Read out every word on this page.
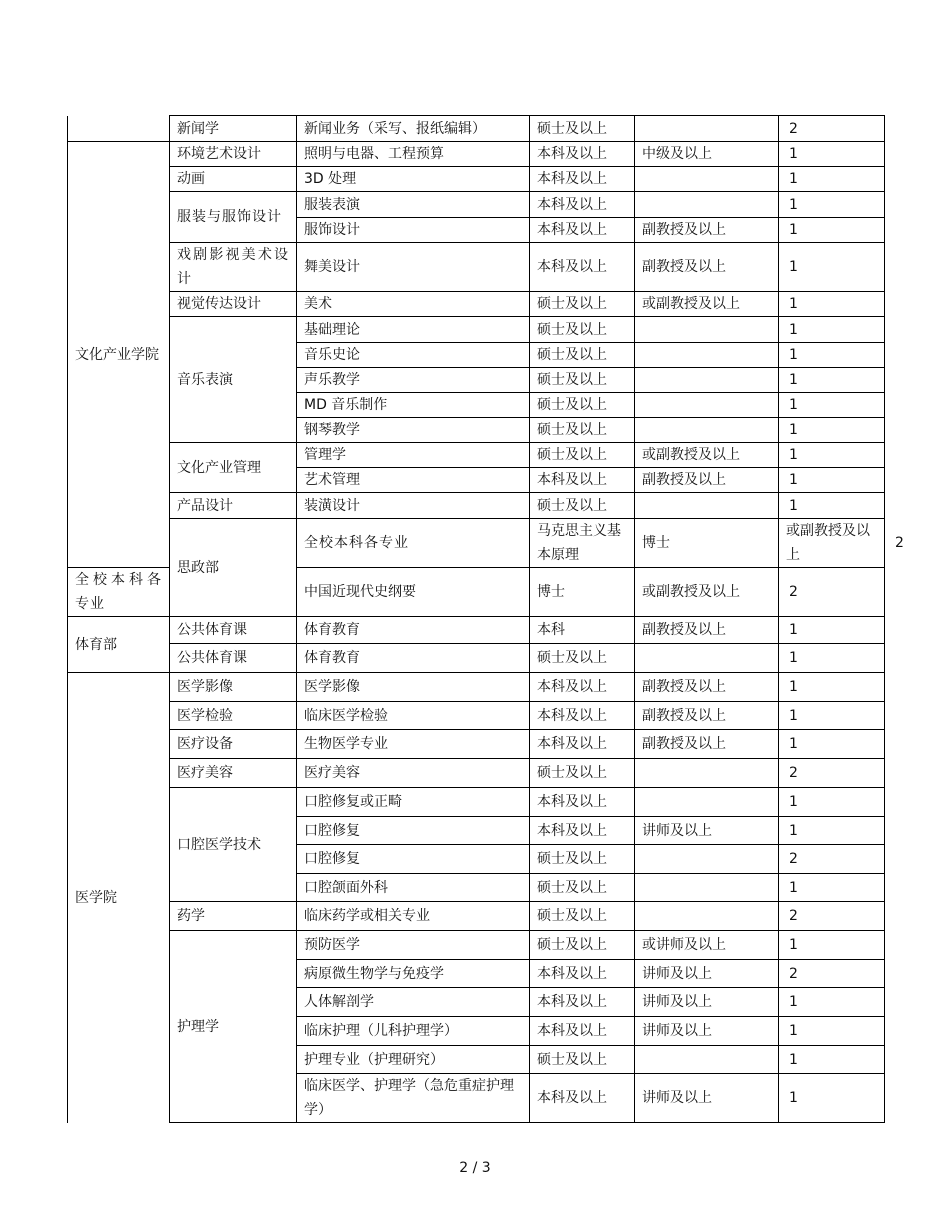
	新闻学	新闻业务（采写、报纸编辑）	硕士及以上		2	
文化产业学院	环境艺术设计	照明与电器、工程预算	本科及以上	中级及以上	1	
	动画	3D 处理	本科及以上		1	
	服装与服饰设计	服装表演	本科及以上		1	
		服饰设计	本科及以上	副教授及以上	1	
	戏剧影视美术设计	舞美设计	本科及以上	副教授及以上	1	
	视觉传达设计	美术	硕士及以上	或副教授及以上	1	
	音乐表演	基础理论	硕士及以上		1	
		音乐史论	硕士及以上		1	
		声乐教学	硕士及以上		1	
		MD 音乐制作	硕士及以上		1	
		钢琴教学	硕士及以上		1	
	文化产业管理	管理学	硕士及以上	或副教授及以上	1	
		艺术管理	本科及以上	副教授及以上	1	
	产品设计	装潢设计	硕士及以上		1	
	思政部	全校本科各专业	马克思主义基本原理	博士	或副教授及以上	2
全校本科各专业		中国近现代史纲要	博士	或副教授及以上	2	
体育部	公共体育课	体育教育	本科	副教授及以上	1	
	公共体育课	体育教育	硕士及以上		1	
医学院	医学影像	医学影像	本科及以上	副教授及以上	1	
	医学检验	临床医学检验	本科及以上	副教授及以上	1	
	医疗设备	生物医学专业	本科及以上	副教授及以上	1	
	医疗美容	医疗美容	硕士及以上		2	
	口腔医学技术	口腔修复或正畸	本科及以上		1	
		口腔修复	本科及以上	讲师及以上	1	
		口腔修复	硕士及以上		2	
		口腔颌面外科	硕士及以上		1	
	药学	临床药学或相关专业	硕士及以上		2	
	护理学	预防医学	硕士及以上	或讲师及以上	1	
		病原微生物学与免疫学	本科及以上	讲师及以上	2	
		人体解剖学	本科及以上	讲师及以上	1	
		临床护理（儿科护理学）	本科及以上	讲师及以上	1	
		护理专业（护理研究）	硕士及以上		1	
		临床医学、护理学（急危重症护理学）	本科及以上	讲师及以上	1	
2 / 3
